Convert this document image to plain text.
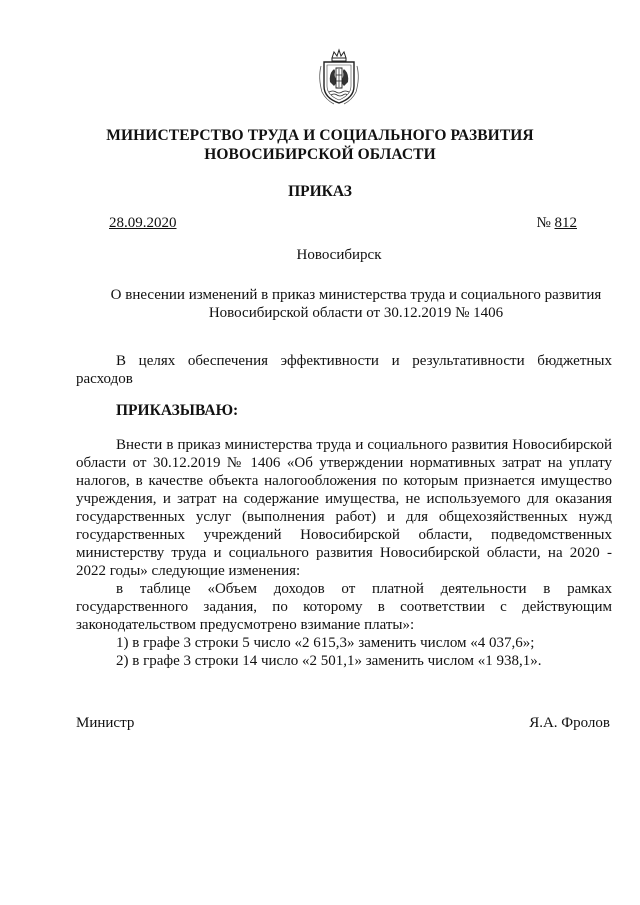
МИНИСТЕРСТВО ТРУДА И СОЦИАЛЬНОГО РАЗВИТИЯ
НОВОСИБИРСКОЙ ОБЛАСТИ
ПРИКАЗ
28.09.2020	№ 812
Новосибирск
О внесении изменений в приказ министерства труда и социального развития Новосибирской области от 30.12.2019 № 1406

В целях обеспечения эффективности и результативности бюджетных расходов

ПРИКАЗЫВАЮ:

Внести в приказ министерства труда и социального развития Новосибирской области от 30.12.2019 № 1406 «Об утверждении нормативных затрат на уплату налогов, в качестве объекта налогообложения по которым признается имущество учреждения, и затрат на содержание имущества, не используемого для оказания государственных услуг (выполнения работ) и для общехозяйственных нужд государственных учреждений Новосибирской области, подведомственных министерству труда и социального развития Новосибирской области, на 2020 - 2022 годы» следующие изменения:

в таблице «Объем доходов от платной деятельности в рамках государственного задания, по которому в соответствии с действующим законодательством предусмотрено взимание платы»:

1) в графе 3 строки 5 число «2 615,3» заменить числом «4 037,6»;

2) в графе 3 строки 14 число «2 501,1» заменить числом «1 938,1».

Министр	Я.А. Фролов
